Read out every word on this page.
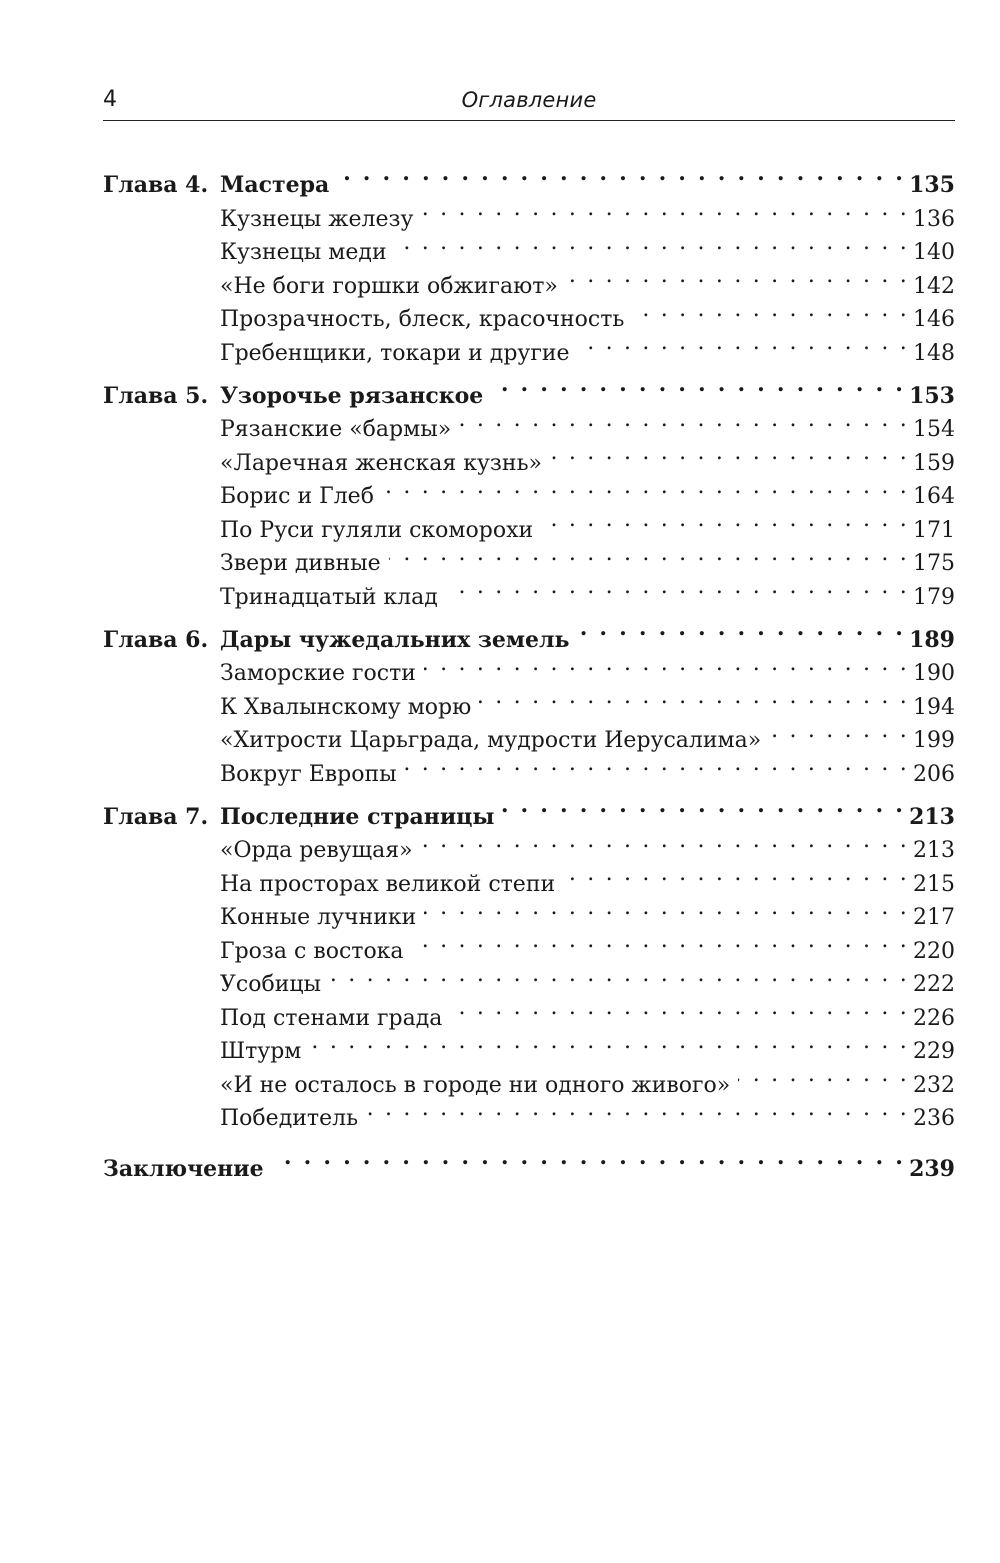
4	Оглавление
Глава 4. Мастера . . .	135
Кузнецы железу . . .	136
Кузнецы меди . . .	140
«Не боги горшки обжигают» . . .	142
Прозрачность, блеск, красочность . . .	146
Гребенщики, токари и другие . . .	148
Глава 5. Узорочье рязанское . . .	153
Рязанские «бармы» . . .	154
«Ларечная женская кузнь» . . .	159
Борис и Глеб . . .	164
По Руси гуляли скоморохи . . .	171
Звери дивные . . .	175
Тринадцатый клад . . .	179
Глава 6. Дары чужедальних земель . . .	189
Заморские гости . . .	190
К Хвалынскому морю . . .	194
«Хитрости Царьграда, мудрости Иерусалима» . . .	199
Вокруг Европы . . .	206
Глава 7. Последние страницы . . .	213
«Орда ревущая» . . .	213
На просторах великой степи . . .	215
Конные лучники . . .	217
Гроза с востока . . .	220
Усобицы . . .	222
Под стенами града . . .	226
Штурм . . .	229
«И не осталось в городе ни одного живого» . . .	232
Победитель . . .	236
Заключение . . .	239
